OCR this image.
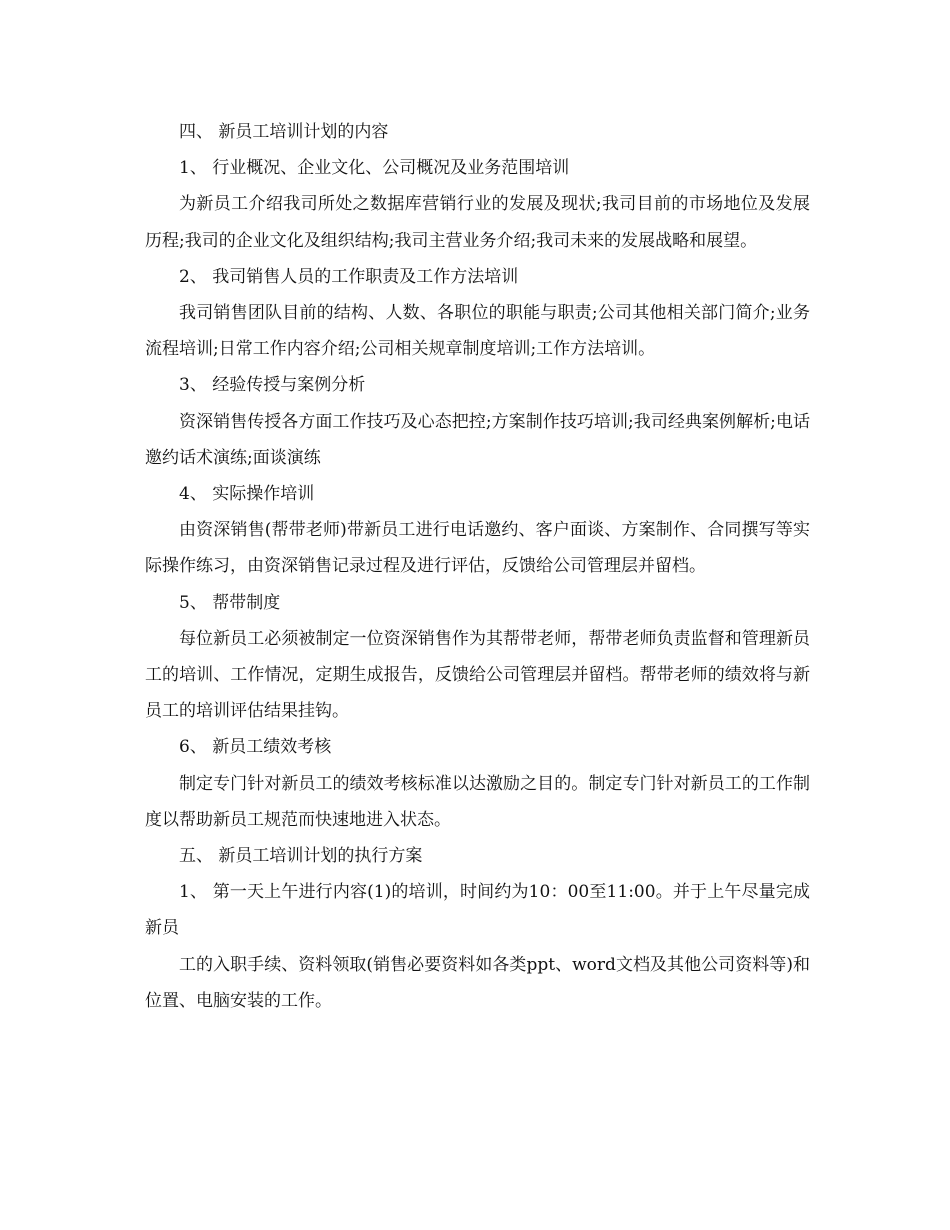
四、 新员工培训计划的内容

1、 行业概况、企业文化、公司概况及业务范围培训

为新员工介绍我司所处之数据库营销行业的发展及现状;我司目前的市场地位及发展历程;我司的企业文化及组织结构;我司主营业务介绍;我司未来的发展战略和展望。

2、 我司销售人员的工作职责及工作方法培训

我司销售团队目前的结构、人数、各职位的职能与职责;公司其他相关部门简介;业务流程培训;日常工作内容介绍;公司相关规章制度培训;工作方法培训。

3、 经验传授与案例分析

资深销售传授各方面工作技巧及心态把控;方案制作技巧培训;我司经典案例解析;电话邀约话术演练;面谈演练

4、 实际操作培训

由资深销售(帮带老师)带新员工进行电话邀约、客户面谈、方案制作、合同撰写等实际操作练习，由资深销售记录过程及进行评估，反馈给公司管理层并留档。

5、 帮带制度

每位新员工必须被制定一位资深销售作为其帮带老师，帮带老师负责监督和管理新员工的培训、工作情况，定期生成报告，反馈给公司管理层并留档。帮带老师的绩效将与新员工的培训评估结果挂钩。

6、 新员工绩效考核

制定专门针对新员工的绩效考核标准以达激励之目的。制定专门针对新员工的工作制度以帮助新员工规范而快速地进入状态。

五、 新员工培训计划的执行方案

1、 第一天上午进行内容(1)的培训，时间约为10：00至11:00。并于上午尽量完成新员

工的入职手续、资料领取(销售必要资料如各类ppt、word文档及其他公司资料等)和位置、电脑安装的工作。
